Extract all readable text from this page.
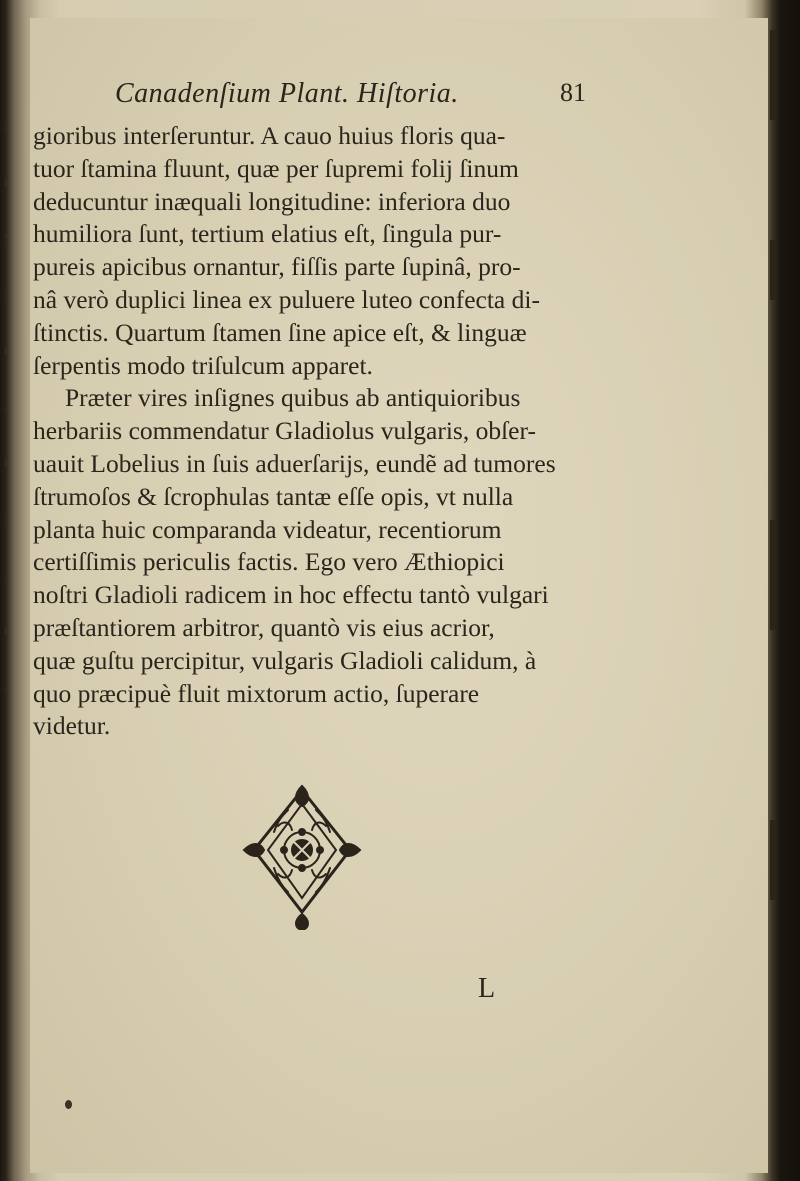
:
i
!
:
i
.
i
:
.
i
.
Canadenſium Plant. Hiſtoria.	81
gioribus interſeruntur. A cauo huius floris qua-
tuor ſtamina fluunt, quæ per ſupremi folij ſinum
deducuntur inæquali longitudine: inferiora duo
humiliora ſunt, tertium elatius eſt, ſingula pur-
pureis apicibus ornantur, fiſſis parte ſupinâ, pro-
nâ verò duplici linea ex puluere luteo confecta di-
ſtinctis. Quartum ſtamen ſine apice eſt, & linguæ
ſerpentis modo triſulcum apparet.
Præter vires inſignes quibus ab antiquioribus
herbariis commendatur Gladiolus vulgaris, obſer-
uauit Lobelius in ſuis aduerſarijs, eundẽ ad tumores
ſtrumoſos & ſcrophulas tantæ eſſe opis, vt nulla
planta huic comparanda videatur, recentiorum
certiſſimis periculis factis. Ego vero Æthiopici
noſtri Gladioli radicem in hoc effectu tantò vulgari
præſtantiorem arbitror, quantò vis eius acrior,
quæ guſtu percipitur, vulgaris Gladioli calidum, à
quo præcipuè fluit mixtorum actio, ſuperare
videtur.
L
